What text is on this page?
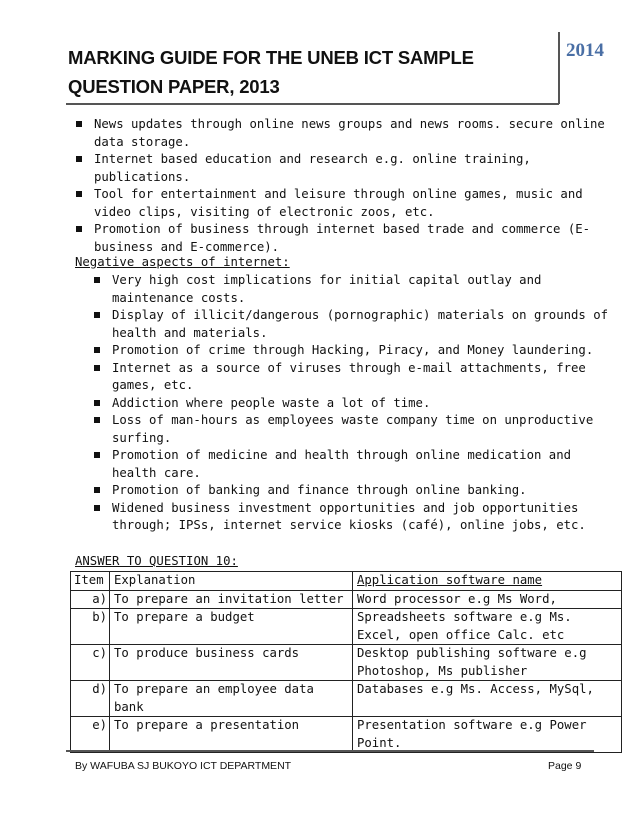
MARKING GUIDE FOR THE UNEB ICT SAMPLE QUESTION PAPER, 2013
2014
News updates through online news groups and news rooms. secure online data storage.
Internet based education and research e.g. online training, publications.
Tool for entertainment and leisure through online games, music and video clips, visiting of electronic zoos, etc.
Promotion of business through internet based trade and commerce (E-business and E-commerce).
Negative aspects of internet:
Very high cost implications for initial capital outlay and maintenance costs.
Display of illicit/dangerous (pornographic) materials on grounds of health and materials.
Promotion of crime through Hacking, Piracy, and Money laundering.
Internet as a source of viruses through e-mail attachments, free games, etc.
Addiction where people waste a lot of time.
Loss of man-hours as employees waste company time on unproductive surfing.
Promotion of medicine and health through online medication and health care.
Promotion of banking and finance through online banking.
Widened business investment opportunities and job opportunities through; IPSs, internet service kiosks (café), online jobs, etc.
ANSWER TO QUESTION 10:
Item	Explanation	Application software name
a)	To prepare an invitation letter	Word processor e.g Ms Word,
b)	To prepare a budget	Spreadsheets software e.g Ms. Excel, open office Calc. etc
c)	To produce business cards	Desktop publishing software e.g Photoshop, Ms publisher
d)	To prepare an employee data bank	Databases e.g Ms. Access, MySql,
e)	To prepare a presentation	Presentation software e.g Power Point.
By WAFUBA SJ BUKOYO ICT DEPARTMENT	Page 9
